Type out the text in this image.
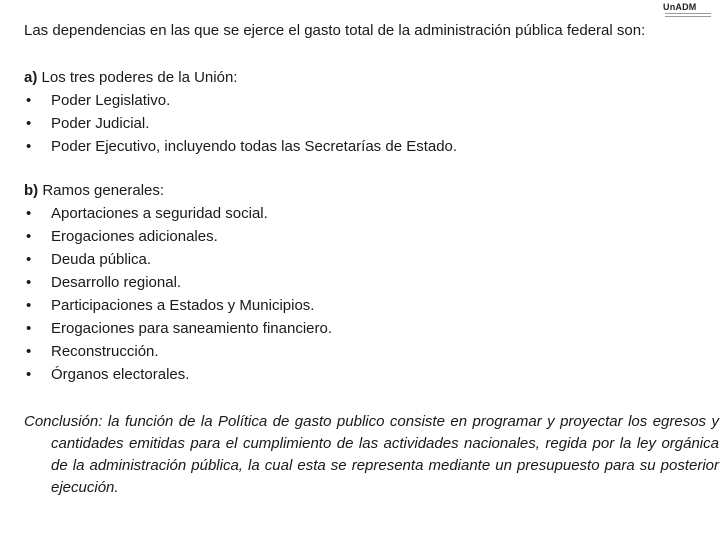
UnADM
Las dependencias en las que se ejerce el gasto total de la administración pública federal son:
a) Los tres poderes de la Unión:
• Poder Legislativo.
• Poder Judicial.
• Poder Ejecutivo, incluyendo todas las Secretarías de Estado.
b) Ramos generales:
• Aportaciones a seguridad social.
• Erogaciones adicionales.
• Deuda pública.
• Desarrollo regional.
• Participaciones a Estados y Municipios.
• Erogaciones para saneamiento financiero.
• Reconstrucción.
• Órganos electorales.
Conclusión: la función de la Política de gasto publico consiste en programar y proyectar los egresos y cantidades emitidas para el cumplimiento de las actividades nacionales, regida por la ley orgánica de la administración pública, la cual esta se representa mediante un presupuesto para su posterior ejecución.
